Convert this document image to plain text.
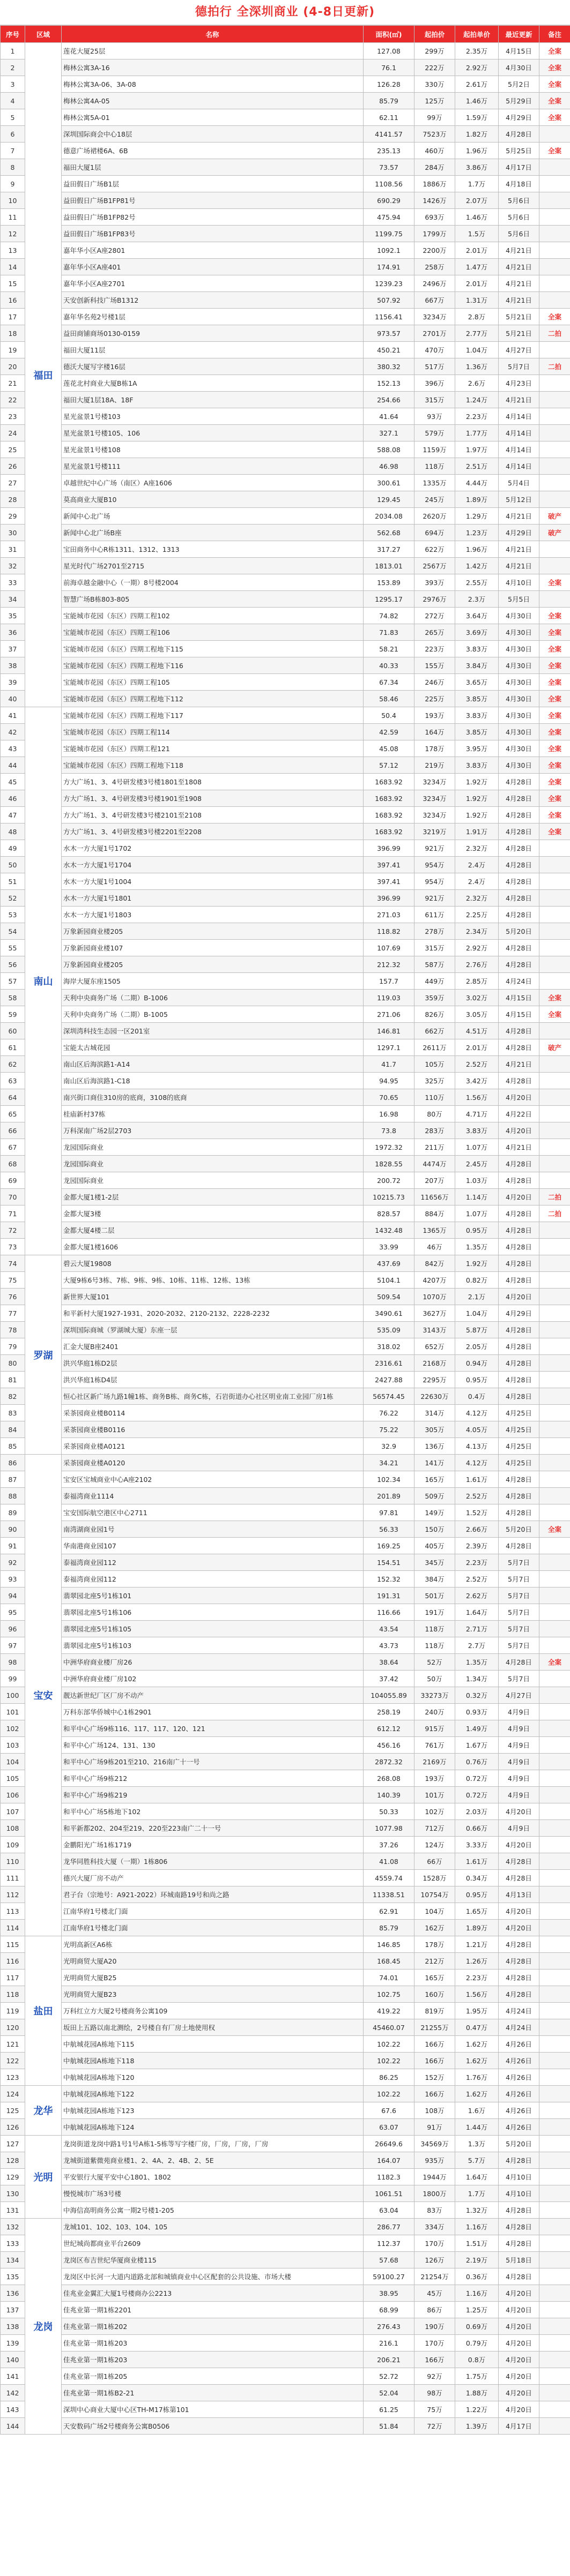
德拍行 全深圳商业 (4-8日更新)
序号	区域	名称	面积(㎡)	起拍价	起拍单价	最近更新	备注
1	福田	莲花大厦25层	127.08	299万	2.35万	4月15日	全案
2		梅林公寓3A-16	76.1	222万	2.92万	4月30日	全案
3		梅林公寓3A-06、3A-08	126.28	330万	2.61万	5月2日	全案
4		梅林公寓4A-05	85.79	125万	1.46万	5月29日	全案
5		梅林公寓5A-01	62.11	99万	1.59万	4月29日	全案
6		深圳国际商会中心18层	4141.57	7523万	1.82万	4月28日	
7		德意广场裙楼6A、6B	235.13	460万	1.96万	5月25日	全案
8		福田大厦1层	73.57	284万	3.86万	4月17日	
9		益田假日广场B1层	1108.56	1886万	1.7万	4月18日	
10		益田假日广场B1FP81号	690.29	1426万	2.07万	5月6日	
11		益田假日广场B1FP82号	475.94	693万	1.46万	5月6日	
12		益田假日广场B1FP83号	1199.75	1799万	1.5万	5月6日	
13		嘉年华小区A座2801	1092.1	2200万	2.01万	4月21日	
14		嘉年华小区A座401	174.91	258万	1.47万	4月21日	
15		嘉年华小区A座2701	1239.23	2496万	2.01万	4月21日	
16		天安创新科技广场B1312	507.92	667万	1.31万	4月21日	
17		嘉年华名苑2号楼1层	1156.41	3234万	2.8万	5月21日	全案
18		益田商铺商场0130-0159	973.57	2701万	2.77万	5月21日	二拍
19		福田大厦11层	450.21	470万	1.04万	4月27日	
20		德沃大厦写字楼16层	380.32	517万	1.36万	5月7日	二拍
21		莲花北村商业大厦B栋1A	152.13	396万	2.6万	4月23日	
22		福田大厦1层18A、18F	254.66	315万	1.24万	4月21日	
23		星光盆景1号楼103	41.64	93万	2.23万	4月14日	
24		星光盆景1号楼105、106	327.1	579万	1.77万	4月14日	
25		星光盆景1号楼108	588.08	1159万	1.97万	4月14日	
26		星光盆景1号楼111	46.98	118万	2.51万	4月14日	
27		卓越世纪中心广场（南区）A座1606	300.61	1335万	4.44万	5月4日	
28		莫高商业大厦B10	129.45	245万	1.89万	5月12日	
29		新闻中心北广场	2034.08	2620万	1.29万	4月21日	破产
30		新闻中心北广场B座	562.68	694万	1.23万	4月29日	破产
31		宝田商务中心R栋1311、1312、1313	317.27	622万	1.96万	4月21日	
32		星光时代广场2701至2715	1813.01	2567万	1.42万	4月21日	
33		前海卓越金融中心（一期）8号楼2004	153.89	393万	2.55万	4月10日	全案
34		智慧广场B栋803-805	1295.17	2976万	2.3万	5月5日	
35		宝能城市花园（东区）四期工程102	74.82	272万	3.64万	4月30日	全案
36		宝能城市花园（东区）四期工程106	71.83	265万	3.69万	4月30日	全案
37		宝能城市花园（东区）四期工程地下115	58.21	223万	3.83万	4月30日	全案
38		宝能城市花园（东区）四期工程地下116	40.33	155万	3.84万	4月30日	全案
39		宝能城市花园（东区）四期工程105	67.34	246万	3.65万	4月30日	全案
40		宝能城市花园（东区）四期工程地下112	58.46	225万	3.85万	4月30日	全案
41	南山	宝能城市花园（东区）四期工程地下117	50.4	193万	3.83万	4月30日	全案
42		宝能城市花园（东区）四期工程114	42.59	164万	3.85万	4月30日	全案
43		宝能城市花园（东区）四期工程121	45.08	178万	3.95万	4月30日	全案
44		宝能城市花园（东区）四期工程地下118	57.12	219万	3.83万	4月30日	全案
45		方大广场1、3、4号研发楼3号楼1801至1808	1683.92	3234万	1.92万	4月28日	全案
46		方大广场1、3、4号研发楼3号楼1901至1908	1683.92	3234万	1.92万	4月28日	全案
47		方大广场1、3、4号研发楼3号楼2101至2108	1683.92	3234万	1.92万	4月28日	全案
48		方大广场1、3、4号研发楼3号楼2201至2208	1683.92	3219万	1.91万	4月28日	全案
49		水木一方大厦1号1702	396.99	921万	2.32万	4月28日	
50		水木一方大厦1号1704	397.41	954万	2.4万	4月28日	
51		水木一方大厦1号1004	397.41	954万	2.4万	4月28日	
52		水木一方大厦1号1801	396.99	921万	2.32万	4月28日	
53		水木一方大厦1号1803	271.03	611万	2.25万	4月28日	
54		万象新园商业楼205	118.82	278万	2.34万	5月20日	
55		万象新园商业楼107	107.69	315万	2.92万	4月28日	
56		万象新园商业楼205	212.32	587万	2.76万	4月28日	
57		海岸大厦东座1505	157.7	449万	2.85万	4月24日	
58		天利中央商务广场（二期）B-1006	119.03	359万	3.02万	4月15日	全案
59		天利中央商务广场（二期）B-1005	271.06	826万	3.05万	4月15日	全案
60		深圳湾科技生态园一区201室	146.81	662万	4.51万	4月28日	
61		宝能太古城花园	1297.1	2611万	2.01万	4月28日	破产
62		南山区后海滨路1-A14	41.7	105万	2.52万	4月21日	
63		南山区后海滨路1-C18	94.95	325万	3.42万	4月28日	
64		南兴街口商住310房的底商，3108的底商	70.65	110万	1.56万	4月20日	
65		桂庙新村37栋	16.98	80万	4.71万	4月22日	
66		万科深南广场2层2703	73.8	283万	3.83万	4月20日	
67		龙园国际商业	1972.32	211万	1.07万	4月21日	
68		龙园国际商业	1828.55	4474万	2.45万	4月28日	
69		龙园国际商业	200.72	207万	1.03万	4月28日	
70		金都大厦1楼1-2层	10215.73	11656万	1.14万	4月20日	二拍
71		金都大厦3楼	828.57	884万	1.07万	4月28日	二拍
72		金都大厦4楼二层	1432.48	1365万	0.95万	4月28日	
73		金都大厦1楼1606	33.99	46万	1.35万	4月28日	
74	罗湖	碧云大厦19808	437.69	842万	1.92万	4月28日	
75		大厦9栋6号3栋、7栋、9栋、9栋、10栋、11栋、12栋、13栋	5104.1	4207万	0.82万	4月28日	
76		新世界大厦101	509.54	1070万	2.1万	4月20日	
77		和平新村大厦1927-1931、2020-2032、2120-2132、2228-2232	3490.61	3627万	1.04万	4月29日	
78		深圳国际商城（罗湖城大厦）东座一层	535.09	3143万	5.87万	4月28日	
79		汇金大厦B座2401	318.02	652万	2.05万	4月28日	
80		洪兴华庭1栋D2层	2316.61	2168万	0.94万	4月28日	
81		洪兴华庭1栋D4层	2427.88	2295万	0.95万	4月28日	
82		恒心社区新广场九路1幢1栋、商务B栋、商务C栋，石岩街道办心社区明业南工业园厂房1栋	56574.45	22630万	0.4万	4月28日	
83		采茶园商业楼B0114	76.22	314万	4.12万	4月25日	
84		采茶园商业楼B0116	75.22	305万	4.05万	4月25日	
85		采茶园商业楼A0121	32.9	136万	4.13万	4月25日	
86	宝安	采茶园商业楼A0120	34.21	141万	4.12万	4月25日	
87		宝安区宝城商业中心A座2102	102.34	165万	1.61万	4月28日	
88		泰福湾商业1114	201.89	509万	2.52万	4月28日	
89		宝安国际航空港区中心2711	97.81	149万	1.52万	4月28日	
90		南湾湖商业园1号	56.33	150万	2.66万	5月20日	全案
91		华南港商业园107	169.25	405万	2.39万	4月28日	
92		泰福湾商业园112	154.51	345万	2.23万	5月7日	
93		泰福湾商业园112	152.32	384万	2.52万	5月7日	
94		翡翠园北座5号1栋101	191.31	501万	2.62万	5月7日	
95		翡翠园北座5号1栋106	116.66	191万	1.64万	5月7日	
96		翡翠园北座5号1栋105	43.54	118万	2.71万	5月7日	
97		翡翠园北座5号1栋103	43.73	118万	2.7万	5月7日	
98		中洲华府商业楼厂房26	38.64	52万	1.35万	4月28日	全案
99		中洲华府商业楼厂房102	37.42	50万	1.34万	5月7日	
100		靓达新世纪厂区厂房不动产	104055.89	33273万	0.32万	4月27日	
101		万科东部华侨城中心1栋2901	258.19	240万	0.93万	4月9日	
102		和平中心广场9栋116、117、117、120、121	612.12	915万	1.49万	4月9日	
103		和平中心广场124、131、130	456.16	761万	1.67万	4月9日	
104		和平中心广场9栋201至210、216南广十一号	2872.32	2169万	0.76万	4月9日	
105		和平中心广场9栋212	268.08	193万	0.72万	4月9日	
106		和平中心广场9栋219	140.39	101万	0.72万	4月9日	
107		和平中心广场5栋地下102	50.33	102万	2.03万	4月20日	
108		和平新都202、204至219、220至223南广二十一号	1077.98	712万	0.66万	4月9日	
109		金鹏阳光广场1栋1719	37.26	124万	3.33万	4月20日	
110		龙华同胜科技大厦（一期）1栋806	41.08	66万	1.61万	4月28日	
111		德兴大厦厂房不动产	4559.74	1528万	0.34万	4月28日	
112		君子台（宗地号：A921-2022）环城南路19号和尚之路	11338.51	10754万	0.95万	4月13日	
113		江南华府1号楼北门面	62.91	104万	1.65万	4月20日	
114		江南华府1号楼北门面	85.79	162万	1.89万	4月20日	
115	盐田	光明高新区A6栋	146.85	178万	1.21万	4月28日	
116		光明商贸大厦A20	168.45	212万	1.26万	4月28日	
117		光明商贸大厦B25	74.01	165万	2.23万	4月28日	
118		光明商贸大厦B23	102.75	160万	1.56万	4月28日	
119		万科红立方大厦2号楼商务公寓109	419.22	819万	1.95万	4月24日	
120		坂田上五路以南北测绘，2号楼自有厂房土地使用权	45460.07	21255万	0.47万	4月24日	
121		中航城花园A栋地下115	102.22	166万	1.62万	4月26日	
122		中航城花园A栋地下118	102.22	166万	1.62万	4月26日	
123		中航城花园A栋地下120	86.25	152万	1.76万	4月26日	
124	龙华	中航城花园A栋地下122	102.22	166万	1.62万	4月26日	
125		中航城花园A栋地下123	67.6	108万	1.6万	4月26日	
126		中航城花园A栋地下124	63.07	91万	1.44万	4月26日	
127	光明	龙岗街道龙岗中路1号1号A栋1-5栋等写字楼厂房，厂房，厂房，厂房	26649.6	34569万	1.3万	5月20日	
128		龙城街道紫微苑商业楼1、2、4A、2、4B、2、5E	164.07	935万	5.7万	4月28日	
129		平安银行大厦平安中心1801、1802	1182.3	1944万	1.64万	4月10日	
130		慢悦城市广场3号楼	1061.51	1800万	1.7万	4月10日	
131		中海信高明商务公寓一期2号楼1-205	63.04	83万	1.32万	4月28日	
132	龙岗	龙城101、102、103、104、105	286.77	334万	1.16万	4月28日	
133		世纪城尚都商业平台2609	112.37	170万	1.51万	4月28日	
134		龙岗区布吉世纪华厦商业楼115	57.68	126万	2.19万	5月18日	
135		龙岗区中长河一大道内道路北部和城镇商业中心区配套的公共设施、市场大楼	59100.27	21254万	0.36万	4月28日	
136		佳兆业金翼汇大厦1号楼商办公2213	38.95	45万	1.16万	4月20日	
137		佳兆业第一期1栋2201	68.99	86万	1.25万	4月20日	
138		佳兆业第一期1栋202	276.43	190万	0.69万	4月20日	
139		佳兆业第一期1栋203	216.1	170万	0.79万	4月20日	
140		佳兆业第一期1栋203	206.21	166万	0.8万	4月20日	
141		佳兆业第一期1栋205	52.72	92万	1.75万	4月20日	
142		佳兆业第一期1栋B2-21	52.04	98万	1.88万	4月20日	
143		深圳中心商业大厦中心区TH-M17栋第101	61.25	75万	1.22万	4月20日	
144		天安数码广场2号楼商务公寓B0506	51.84	72万	1.39万	4月17日	
